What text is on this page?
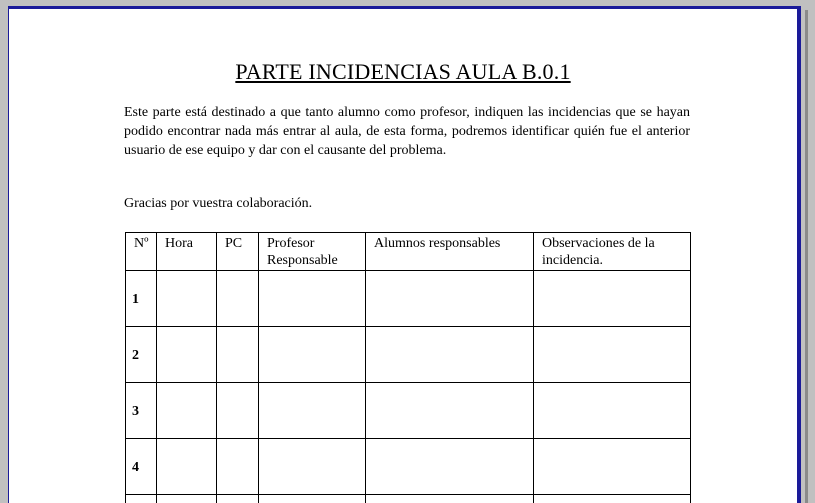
PARTE INCIDENCIAS AULA B.0.1

Este parte está destinado a que tanto alumno como profesor, indiquen las incidencias que se hayan podido encontrar nada más entrar al aula, de esta forma, podremos identificar quién fue el anterior usuario de ese equipo y dar con el causante del problema.

Gracias por vuestra colaboración.

Nº	Hora	PC	Profesor Responsable	Alumnos responsables	Observaciones de la incidencia.
1					
2					
3					
4					
